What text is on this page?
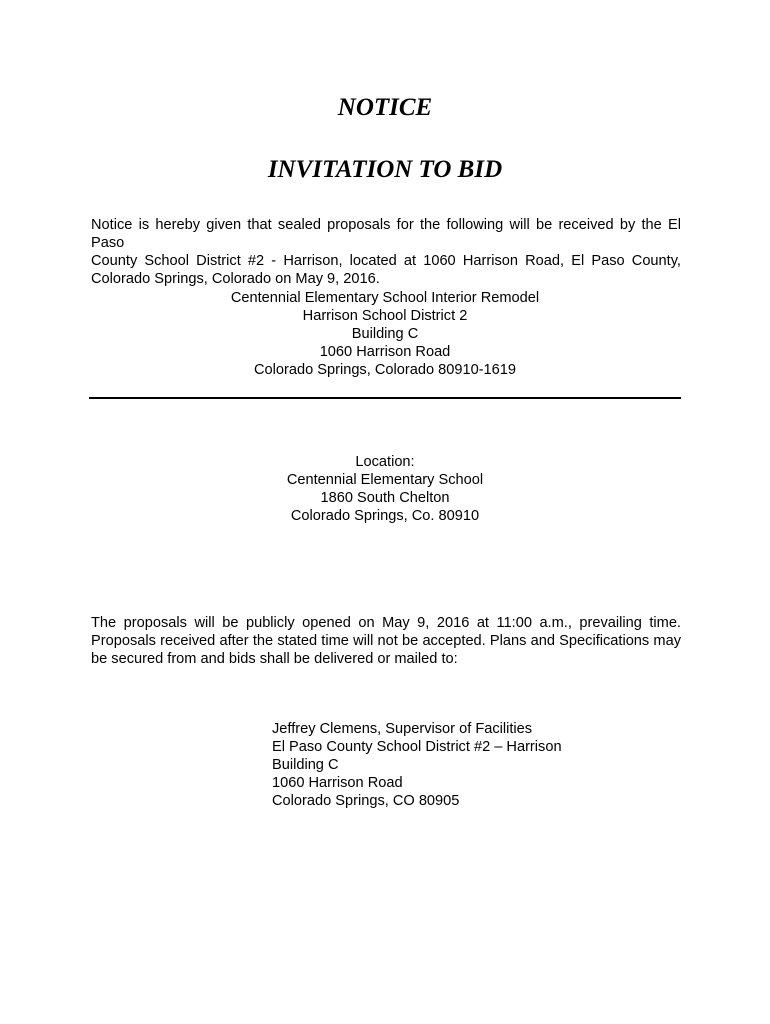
NOTICE
INVITATION TO BID

Notice is hereby given that sealed proposals for the following will be received by the El Paso
County School District #2 - Harrison, located at 1060 Harrison Road, El Paso County,
Colorado Springs, Colorado on May 9, 2016.

Centennial Elementary School Interior Remodel
Harrison School District 2
Building C
1060 Harrison Road
Colorado Springs, Colorado 80910-1619
Location:
Centennial Elementary School
1860 South Chelton
Colorado Springs, Co. 80910

The proposals will be publicly opened on May 9, 2016 at 11:00 a.m., prevailing time.
Proposals received after the stated time will not be accepted. Plans and Specifications may
be secured from and bids shall be delivered or mailed to:

Jeffrey Clemens, Supervisor of Facilities
El Paso County School District #2 – Harrison
Building C
1060 Harrison Road
Colorado Springs, CO 80905
